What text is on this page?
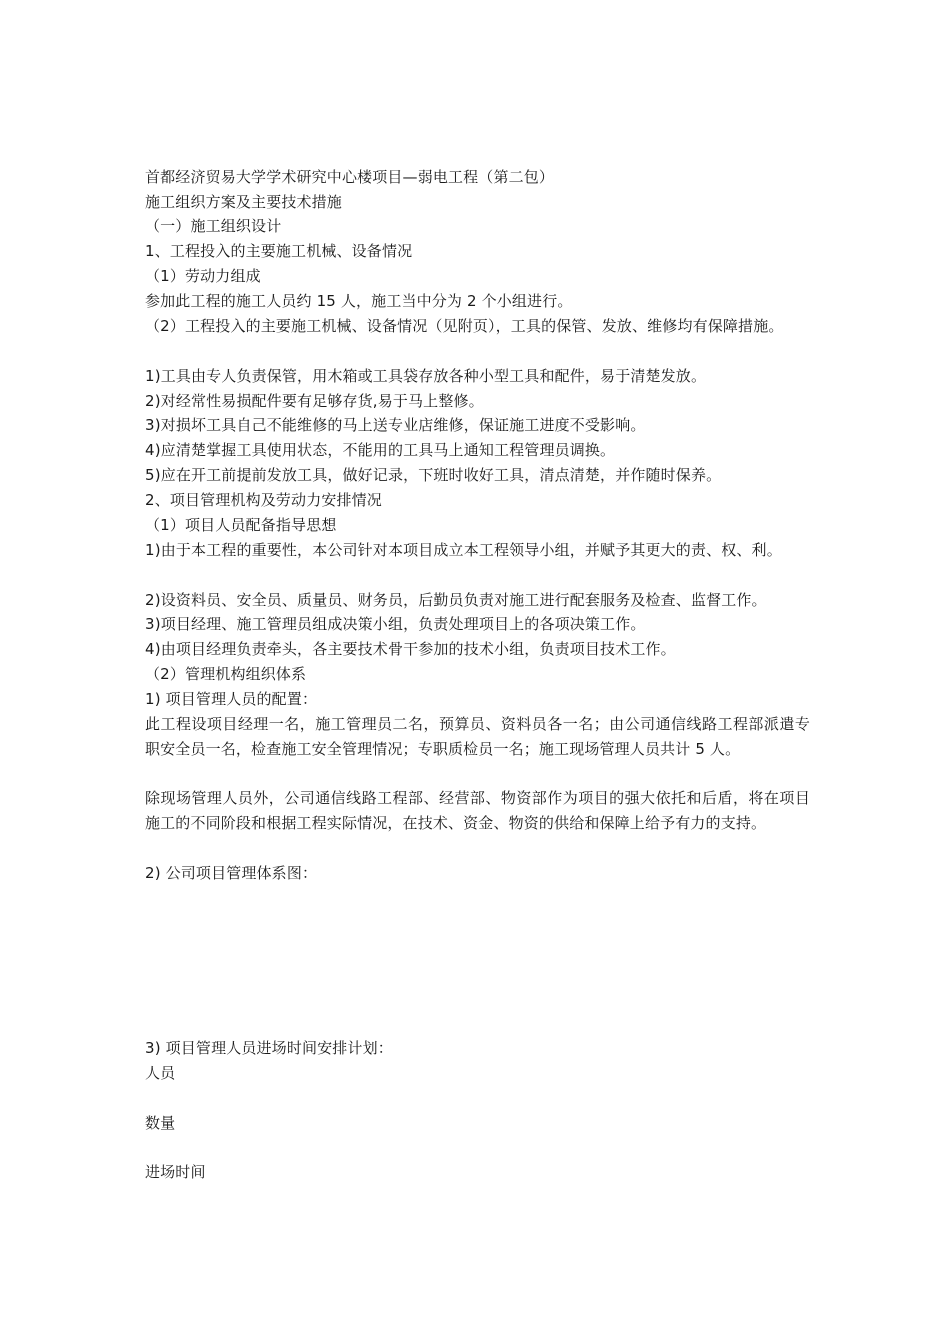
首都经济贸易大学学术研究中心楼项目—弱电工程（第二包）
施工组织方案及主要技术措施
（一）施工组织设计
1、工程投入的主要施工机械、设备情况
（1）劳动力组成
参加此工程的施工人员约 15 人，施工当中分为 2 个小组进行。
（2）工程投入的主要施工机械、设备情况（见附页），工具的保管、发放、维修均有保障措施。
1)工具由专人负责保管，用木箱或工具袋存放各种小型工具和配件，易于清楚发放。
2)对经常性易损配件要有足够存货,易于马上整修。
3)对损坏工具自己不能维修的马上送专业店维修，保证施工进度不受影响。
4)应清楚掌握工具使用状态，不能用的工具马上通知工程管理员调换。
5)应在开工前提前发放工具，做好记录，下班时收好工具，清点清楚，并作随时保养。
2、项目管理机构及劳动力安排情况
（1）项目人员配备指导思想
1)由于本工程的重要性，本公司针对本项目成立本工程领导小组，并赋予其更大的责、权、利。
2)设资料员、安全员、质量员、财务员，后勤员负责对施工进行配套服务及检查、监督工作。
3)项目经理、施工管理员组成决策小组，负责处理项目上的各项决策工作。
4)由项目经理负责牵头，各主要技术骨干参加的技术小组，负责项目技术工作。
（2）管理机构组织体系
1) 项目管理人员的配置：
此工程设项目经理一名，施工管理员二名，预算员、资料员各一名；由公司通信线路工程部派遣专职安全员一名，检查施工安全管理情况；专职质检员一名；施工现场管理人员共计 5 人。
除现场管理人员外，公司通信线路工程部、经营部、物资部作为项目的强大依托和后盾，将在项目施工的不同阶段和根据工程实际情况，在技术、资金、物资的供给和保障上给予有力的支持。
2) 公司项目管理体系图：
3) 项目管理人员进场时间安排计划：
人员
数量
进场时间
